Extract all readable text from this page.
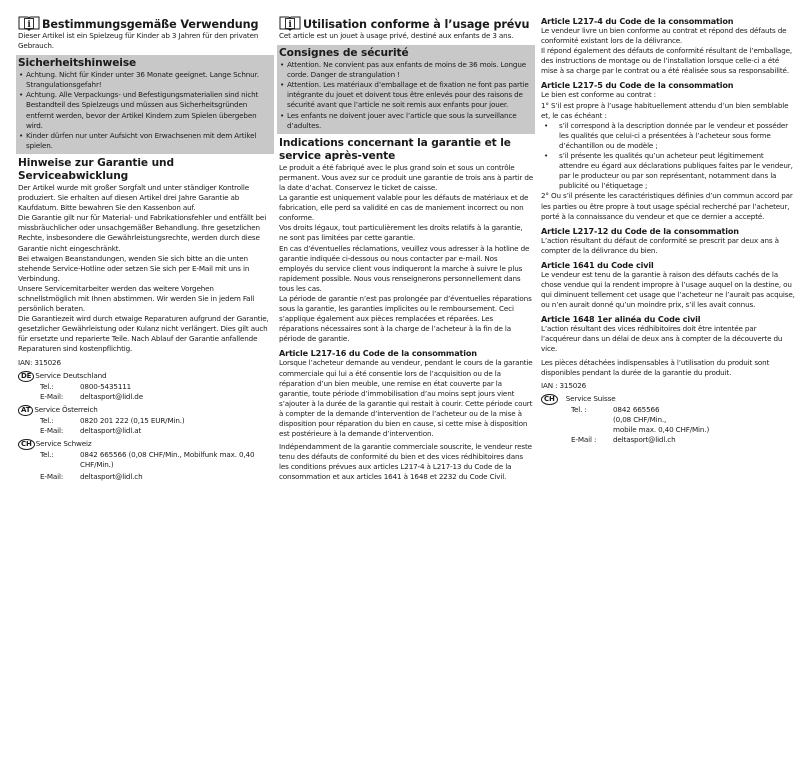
i Bestimmungsgemäße Verwendung

Dieser Artikel ist ein Spielzeug für Kinder ab 3 Jahren für den privaten Gebrauch.

Sicherheitshinweise
• Achtung. Nicht für Kinder unter 36 Monate geeignet. Lange Schnur. Strangulationsgefahr!
• Achtung. Alle Verpackungs- und Befestigungsmaterialien sind nicht Bestandteil des Spielzeugs und müssen aus Sicherheitsgründen entfernt werden, bevor der Artikel Kindern zum Spielen übergeben wird.
• Kinder dürfen nur unter Aufsicht von Erwachsenen mit dem Artikel spielen.
Hinweise zur Garantie und Serviceabwicklung

Der Artikel wurde mit großer Sorgfalt und unter ständiger Kontrolle produziert. Sie erhalten auf diesen Artikel drei Jahre Garantie ab Kaufdatum. Bitte bewahren Sie den Kassenbon auf.

Die Garantie gilt nur für Material- und Fabrikationsfehler und entfällt bei missbräuchlicher oder unsachgemäßer Behandlung. Ihre gesetzlichen Rechte, insbesondere die Gewährleistungsrechte, werden durch diese Garantie nicht eingeschränkt.

Bei etwaigen Beanstandungen, wenden Sie sich bitte an die unten stehende Service-Hotline oder setzen Sie sich per E-Mail mit uns in Verbindung.

Unsere Servicemitarbeiter werden das weitere Vorgehen schnellstmöglich mit Ihnen abstimmen. Wir werden Sie in jedem Fall persönlich beraten.

Die Garantiezeit wird durch etwaige Reparaturen aufgrund der Garantie, gesetzlicher Gewährleistung oder Kulanz nicht verlängert. Dies gilt auch für ersetzte und reparierte Teile. Nach Ablauf der Garantie anfallende Reparaturen sind kostenpflichtig.

IAN: 315026

DE Service Deutschland
Tel.:	0800-5435111
E-Mail:	deltasport@lidl.de
AT Service Österreich
Tel.:	0820 201 222 (0,15 EUR/Min.)
E-Mail:	deltasport@lidl.at
CH Service Schweiz
Tel.:	0842 665566 (0,08 CHF/Min., Mobilfunk max. 0,40 CHF/Min.)
E-Mail:	deltasport@lidl.ch
i Utilisation conforme à l’usage prévu

Cet article est un jouet à usage privé, destiné aux enfants de 3 ans.

Consignes de sécurité
• Attention. Ne convient pas aux enfants de moins de 36 mois. Longue corde. Danger de strangulation !
• Attention. Les matériaux d’emballage et de fixation ne font pas partie intégrante du jouet et doivent tous être enlevés pour des raisons de sécurité avant que l’article ne soit remis aux enfants pour jouer.
• Les enfants ne doivent jouer avec l’article que sous la surveillance d’adultes.
Indications concernant la garantie et le service après-vente

Le produit a été fabriqué avec le plus grand soin et sous un contrôle permanent. Vous avez sur ce produit une garantie de trois ans à partir de la date d’achat. Conservez le ticket de caisse.

La garantie est uniquement valable pour les défauts de matériaux et de fabrication, elle perd sa validité en cas de maniement incorrect ou non conforme.

Vos droits légaux, tout particulièrement les droits relatifs à la garantie, ne sont pas limitées par cette garantie.

En cas d’éventuelles réclamations, veuillez vous adresser à la hotline de garantie indiquée ci-dessous ou nous contacter par e-mail. Nos employés du service client vous indiqueront la marche à suivre le plus rapidement possible. Nous vous renseignerons personnellement dans tous les cas.

La période de garantie n’est pas prolongée par d’éventuelles réparations sous la garantie, les garanties implicites ou le remboursement. Ceci s’applique également aux pièces remplacées et réparées. Les réparations nécessaires sont à la charge de l’acheteur à la fin de la période de garantie.

Article L217-16 du Code de la consommation

Lorsque l’acheteur demande au vendeur, pendant le cours de la garantie commerciale qui lui a été consentie lors de l’acquisition ou de la réparation d’un bien meuble, une remise en état couverte par la garantie, toute période d’immobilisation d’au moins sept jours vient s’ajouter à la durée de la garantie qui restait à courir. Cette période court à compter de la demande d’intervention de l’acheteur ou de la mise à disposition pour réparation du bien en cause, si cette mise à disposition est postérieure à la demande d’intervention.

Indépendamment de la garantie commerciale souscrite, le vendeur reste tenu des défauts de conformité du bien et des vices rédhibitoires dans les conditions prévues aux articles L217-4 à L217-13 du Code de la consommation et aux articles 1641 à 1648 et 2232 du Code Civil.

Article L217-4 du Code de la consommation

Le vendeur livre un bien conforme au contrat et répond des défauts de conformité existant lors de la délivrance.

Il répond également des défauts de conformité résultant de l’emballage, des instructions de montage ou de l’installation lorsque celle-ci a été mise à sa charge par le contrat ou a été réalisée sous sa responsabilité.

Article L217-5 du Code de la consommation

Le bien est conforme au contrat :

1° S’il est propre à l’usage habituellement attendu d’un bien semblable et, le cas échéant :

• s’il correspond à la description donnée par le vendeur et posséder les qualités que celui-ci a présentées à l’acheteur sous forme d’échantillon ou de modèle ;
• s’il présente les qualités qu’un acheteur peut légitimement attendre eu égard aux déclarations publiques faites par le vendeur, par le producteur ou par son représentant, notamment dans la publicité ou l’étiquetage ;

2° Ou s’il présente les caractéristiques définies d’un commun accord par les parties ou être propre à tout usage spécial recherché par l’acheteur, porté à la connaissance du vendeur et que ce dernier a accepté.

Article L217-12 du Code de la consommation

L’action résultant du défaut de conformité se prescrit par deux ans à compter de la délivrance du bien.

Article 1641 du Code civil

Le vendeur est tenu de la garantie à raison des défauts cachés de la chose vendue qui la rendent impropre à l’usage auquel on la destine, ou qui diminuent tellement cet usage que l’acheteur ne l’aurait pas acquise, ou n’en aurait donné qu’un moindre prix, s’il les avait connus.

Article 1648 1er alinéa du Code civil

L’action résultant des vices rédhibitoires doit être intentée par l’acquéreur dans un délai de deux ans à compter de la découverte du vice.

Les pièces détachées indispensables à l’utilisation du produit sont disponibles pendant la durée de la garantie du produit.

IAN : 315026

CH	Service Suisse
Tel. :	0842 665566
(0,08 CHF/Min.,
mobile max. 0,40 CHF/Min.)
E-Mail :	deltasport@lidl.ch
